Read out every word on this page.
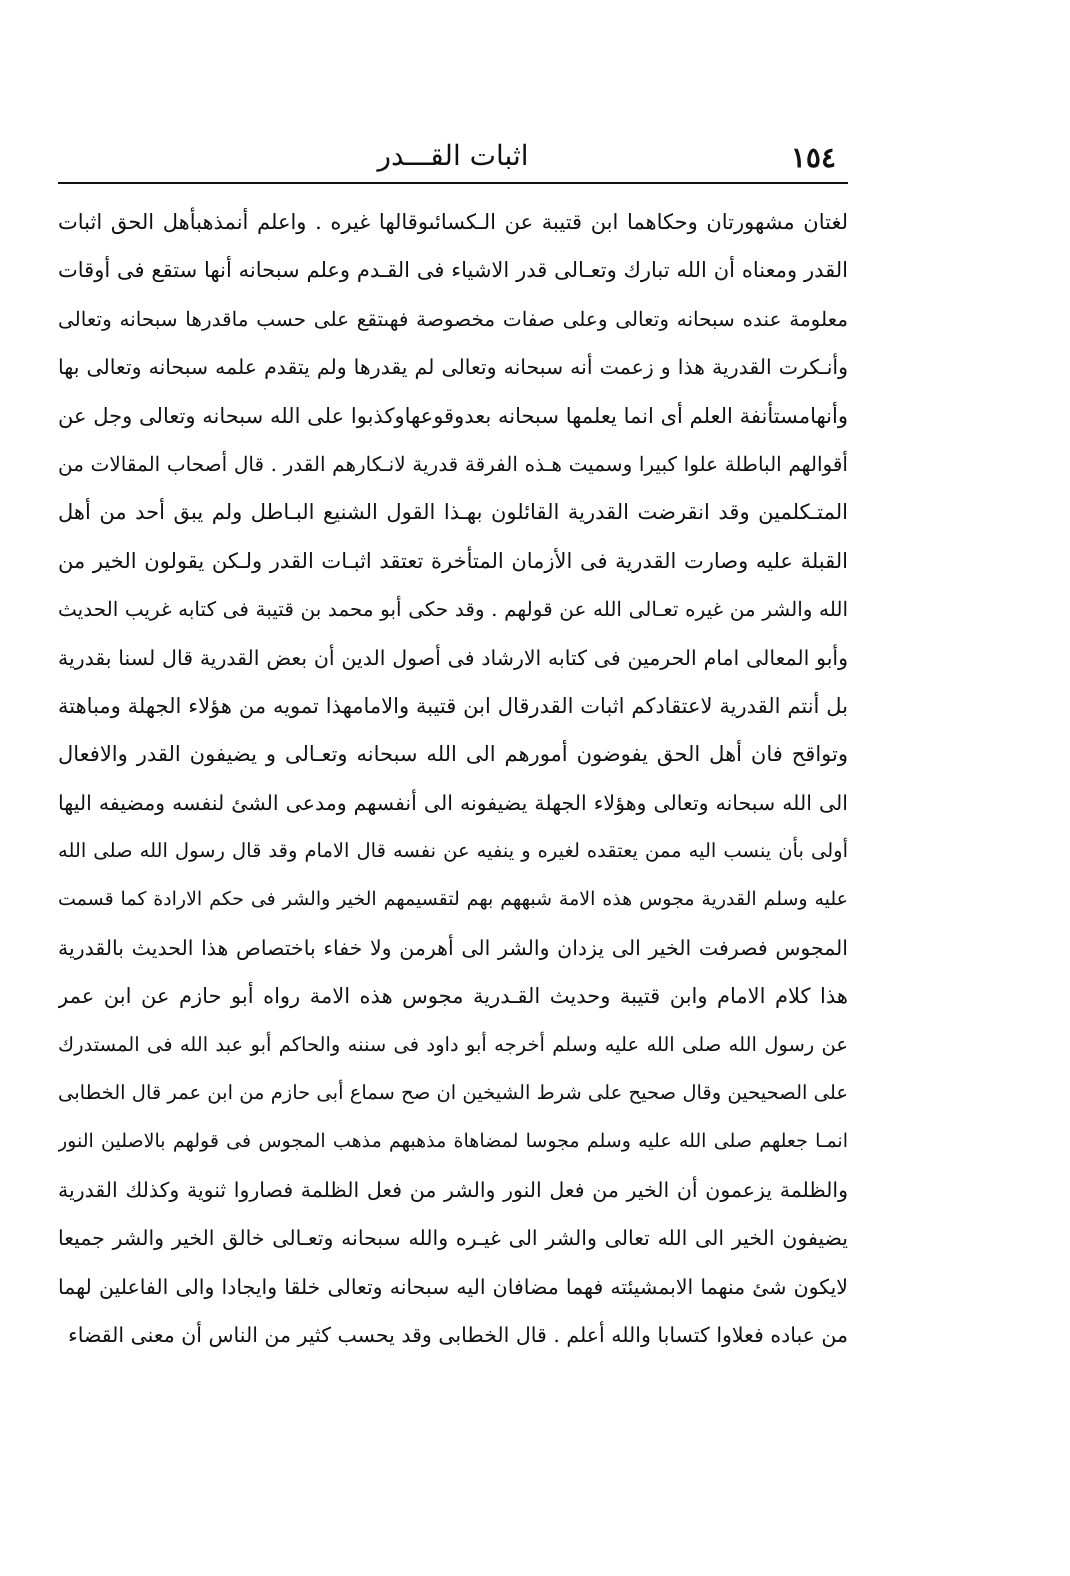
١٥٤
اثبات القـــدر
لغتان مشهورتان وحكاهما ابن قتيبة عن الـكسائىوقالها غيره . واعلم أنمذهبأهل الحق اثبات
القدر ومعناه أن الله تبارك وتعـالى قدر الاشياء فى القـدم وعلم سبحانه أنها ستقع فى أوقات
معلومة عنده سبحانه وتعالى وعلى صفات مخصوصة فهىتقع على حسب ماقدرها سبحانه وتعالى
وأنـكرت القدرية هذا و زعمت أنه سبحانه وتعالى لم يقدرها ولم يتقدم علمه سبحانه وتعالى بها
وأنهامستأنفة العلم أى انما يعلمها سبحانه بعدوقوعهاوكذبوا على الله سبحانه وتعالى وجل عن
أقوالهم الباطلة علوا كبيرا وسميت هـذه الفرقة قدرية لانـكارهم القدر . قال أصحاب المقالات من
المتـكلمين وقد انقرضت القدرية القائلون بهـذا القول الشنيع البـاطل ولم يبق أحد من أهل
القبلة عليه وصارت القدرية فى الأزمان المتأخرة تعتقد اثبـات القدر ولـكن يقولون الخير من
الله والشر من غيره تعـالى الله عن قولهم . وقد حكى أبو محمد بن قتيبة فى كتابه غريب الحديث
وأبو المعالى امام الحرمين فى كتابه الارشاد فى أصول الدين أن بعض القدرية قال لسنا بقدرية
بل أنتم القدرية لاعتقادكم اثبات القدرقال ابن قتيبة والامامهذا تمويه من هؤلاء الجهلة ومباهتة
وتواقح فان أهل الحق يفوضون أمورهم الى الله سبحانه وتعـالى و يضيفون القدر والافعال
الى الله سبحانه وتعالى وهؤلاء الجهلة يضيفونه الى أنفسهم ومدعى الشئ لنفسه ومضيفه اليها
أولى بأن ينسب اليه ممن يعتقده لغيره و ينفيه عن نفسه قال الامام وقد قال رسول الله صلى الله
عليه وسلم القدرية مجوس هذه الامة شبههم بهم لتقسيمهم الخير والشر فى حكم الارادة كما قسمت
المجوس فصرفت الخير الى يزدان والشر الى أهرمن ولا خفاء باختصاص هذا الحديث بالقدرية
هذا كلام الامام وابن قتيبة وحديث القـدرية مجوس هذه الامة رواه أبو حازم عن ابن عمر
عن رسول الله صلى الله عليه وسلم أخرجه أبو داود فى سننه والحاكم أبو عبد الله فى المستدرك
على الصحيحين وقال صحيح على شرط الشيخين ان صح سماع أبى حازم من ابن عمر قال الخطابى
انمـا جعلهم صلى الله عليه وسلم مجوسا لمضاهاة مذهبهم مذهب المجوس فى قولهم بالاصلين النور
والظلمة يزعمون أن الخير من فعل النور والشر من فعل الظلمة فصاروا ثنوية وكذلك القدرية
يضيفون الخير الى الله تعالى والشر الى غيـره والله سبحانه وتعـالى خالق الخير والشر جميعا
لايكون شئ منهما الابمشيئته فهما مضافان اليه سبحانه وتعالى خلقا وايجادا والى الفاعلين لهما
من عباده فعلاوا كتسابا والله أعلم . قال الخطابى وقد يحسب كثير من الناس أن معنى القضاء
